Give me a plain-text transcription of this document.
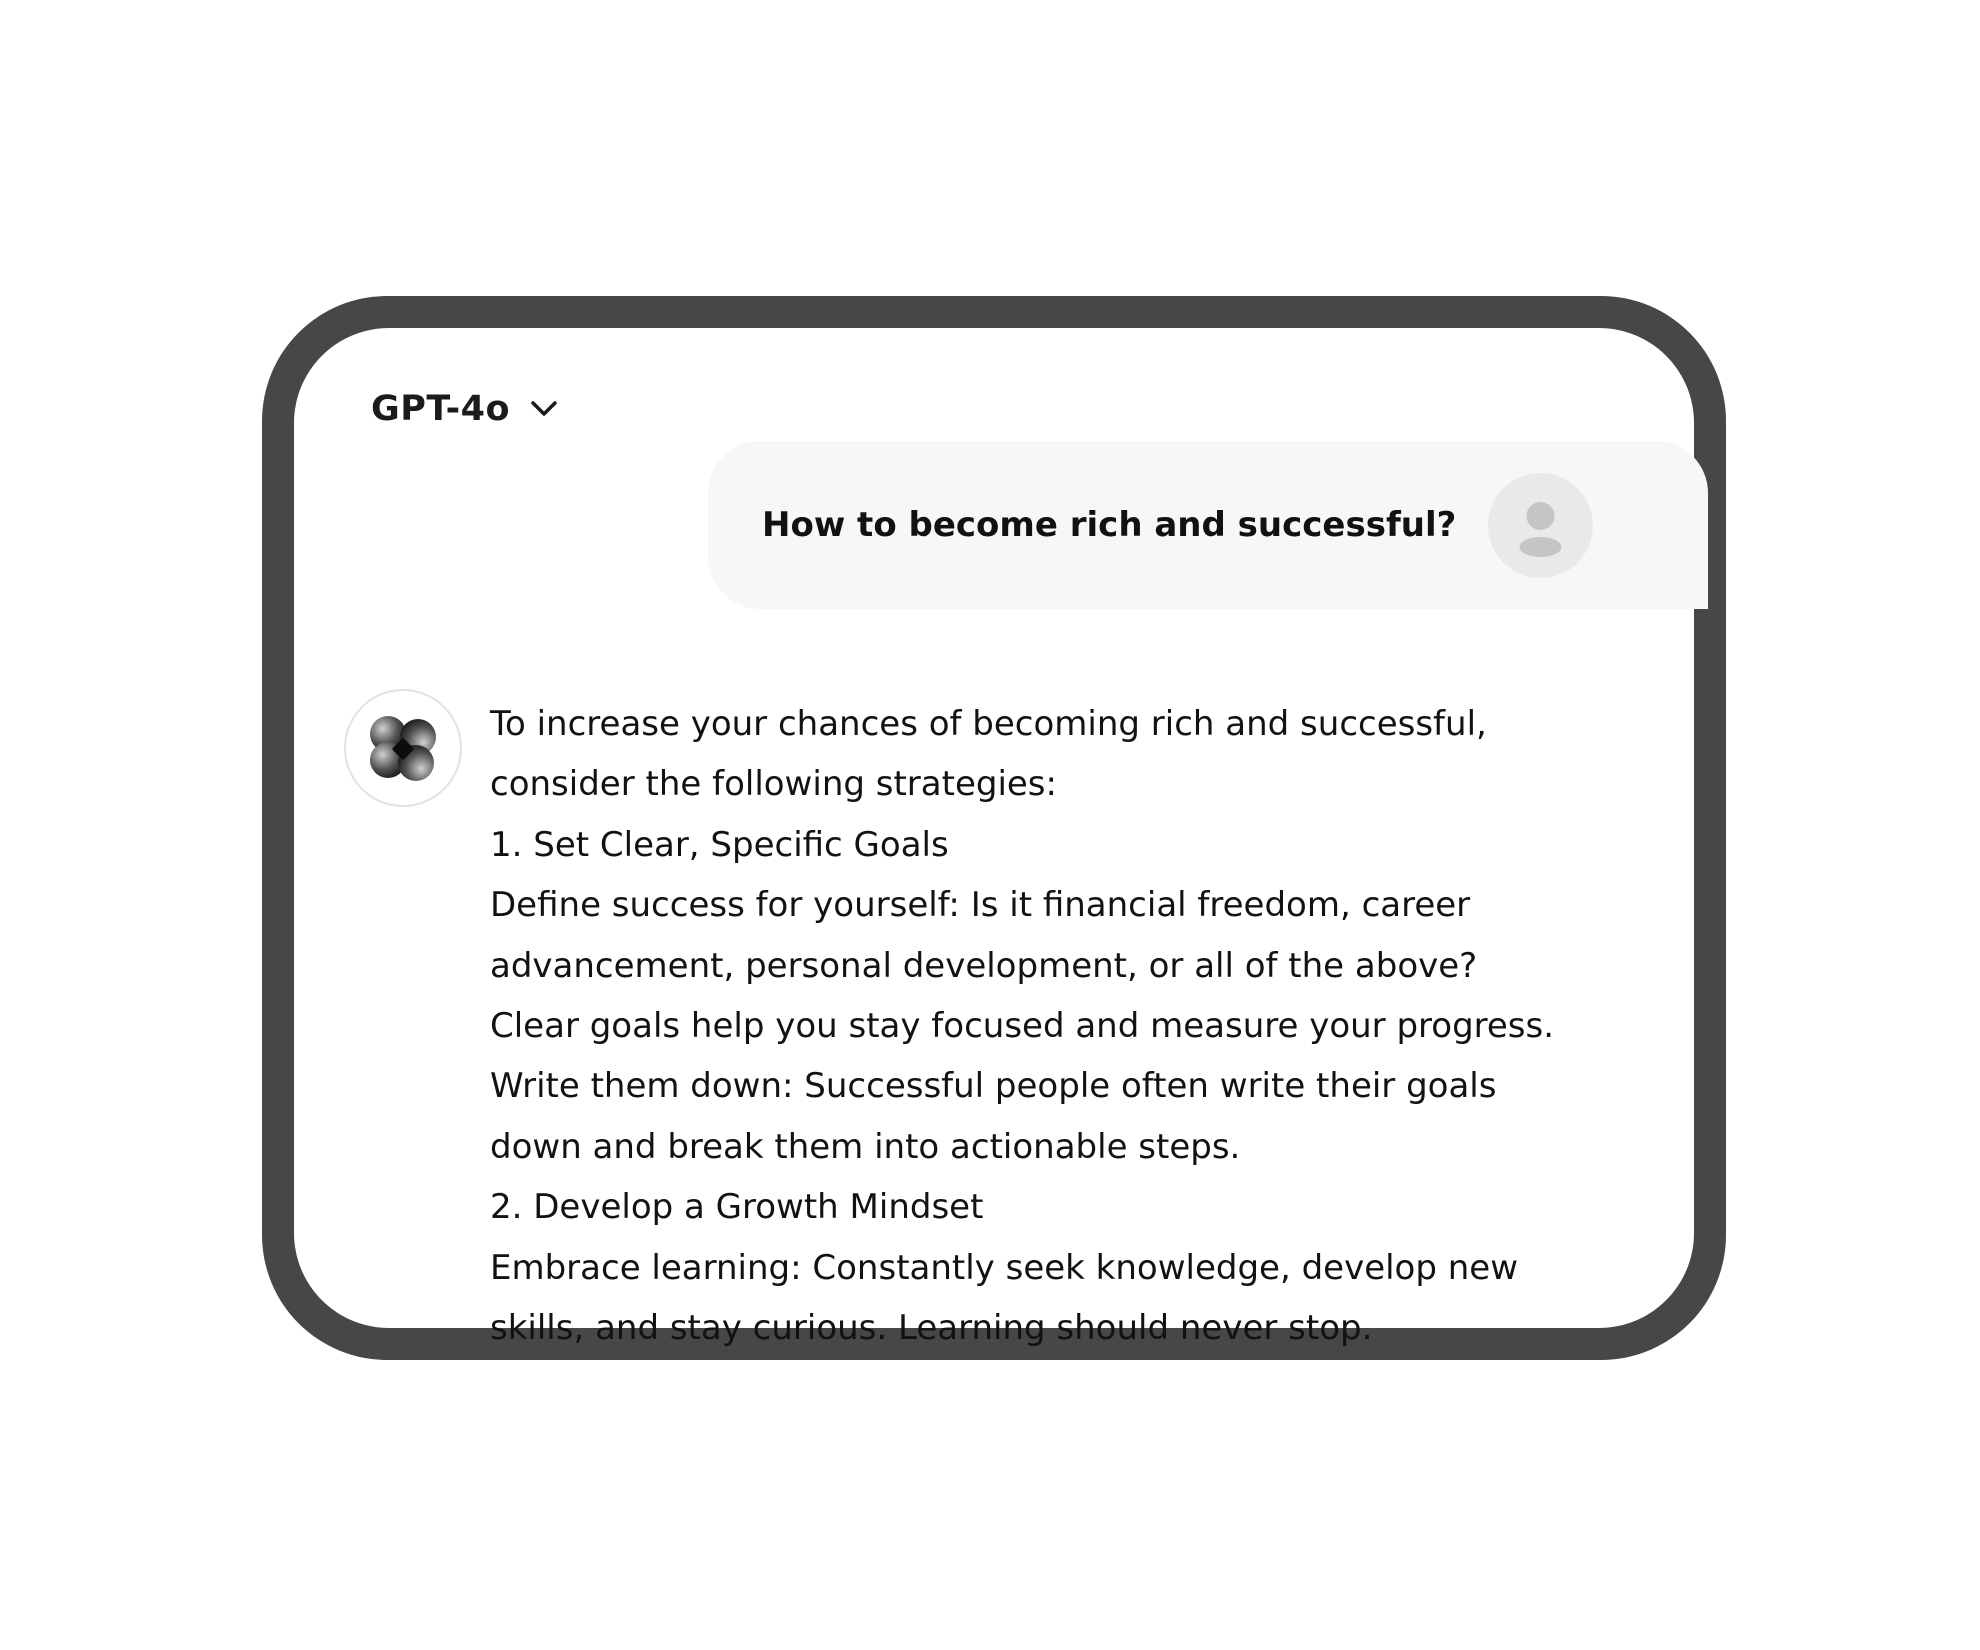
GPT-4o
How to become rich and successful?

To increase your chances of becoming rich and successful,

consider the following strategies:

1. Set Clear, Specific Goals

Define success for yourself: Is it financial freedom, career

advancement, personal development, or all of the above?

Clear goals help you stay focused and measure your progress.

Write them down: Successful people often write their goals

down and break them into actionable steps.

2. Develop a Growth Mindset

Embrace learning: Constantly seek knowledge, develop new

skills, and stay curious. Learning should never stop.
